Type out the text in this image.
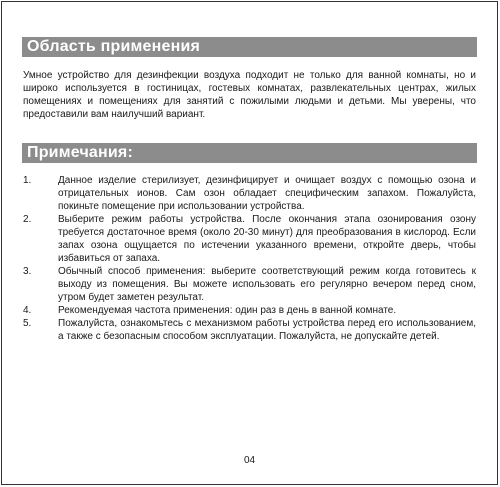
Область применения

Умное устройство для дезинфекции воздуха подходит не только для ванной комнаты, но и широко используется в гостиницах, гостевых комнатах, развлекательных центрах, жилых помещениях и помещениях для занятий с пожилыми людьми и детьми. Мы уверены, что предоставили вам наилучший вариант.

Примечания:
1.	Данное изделие стерилизует, дезинфицирует и очищает воздух с помощью озона и отрицательных ионов. Сам озон обладает специфическим запахом. Пожалуйста, покиньте помещение при использовании устройства.
2.	Выберите режим работы устройства. После окончания этапа озонирования озону требуется достаточное время (около 20-30 минут) для преобразования в кислород. Если запах озона ощущается по истечении указанного времени, откройте дверь, чтобы избавиться от запаха.
3.	Обычный способ применения: выберите соответствующий режим когда готовитесь к выходу из помещения. Вы можете использовать его регулярно вечером перед сном, утром будет заметен результат.
4.	Рекомендуемая частота применения: один раз в день в ванной комнате.
5.	Пожалуйста, ознакомьтесь с механизмом работы устройства перед его использованием, а также с безопасным способом эксплуатации. Пожалуйста, не допускайте детей.
04
